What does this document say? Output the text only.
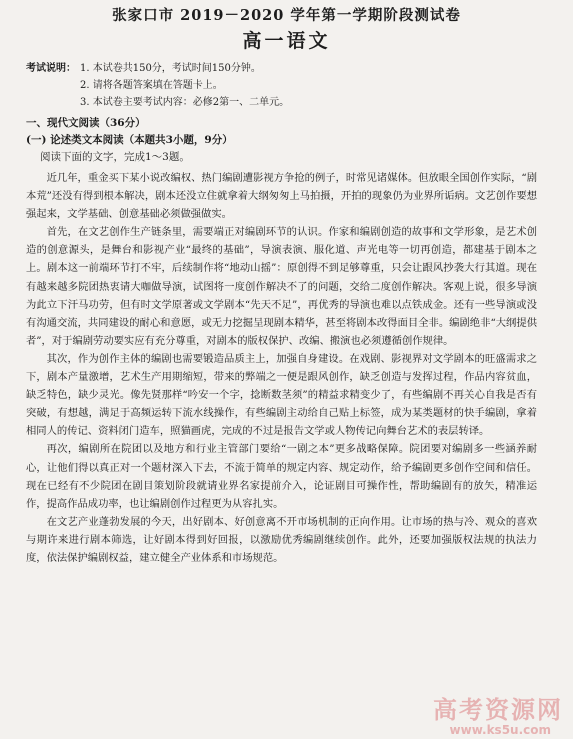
张家口市 2019－2020 学年第一学期阶段测试卷
高一语文
考试说明： 1. 本试卷共150分，考试时间150分钟。
2. 请将各题答案填在答题卡上。
3. 本试卷主要考试内容：必修2第一、二单元。
一、现代文阅读（36分）
(一) 论述类文本阅读（本题共3小题，9分）
阅读下面的文字，完成1～3题。

近几年，重金买下某小说改编权、热门编剧遭影视方争抢的例子，时常见诸媒体。但放眼全国创作实际，“剧本荒”还没有得到根本解决，剧本还没立住就拿着大纲匆匆上马拍摄，开拍的现象仍为业界所诟病。文艺创作要想强起来，文学基础、创意基础必须做强做实。

首先，在文艺创作生产链条里，需要端正对编剧环节的认识。作家和编剧创造的故事和文学形象，是艺术创造的创意源头，是舞台和影视产业“最终的基础”，导演表演、服化道、声光电等一切再创造，都建基于剧本之上。剧本这一前端环节打不牢，后续制作将“地动山摇”：原创得不到足够尊重，只会让跟风抄袭大行其道。现在有越来越多院团热衷请大咖做导演，试图将一度创作解决不了的问题，交给二度创作解决。客观上说，很多导演为此立下汗马功劳，但有时文学原著或文学剧本“先天不足”，再优秀的导演也难以点铁成金。还有一些导演或没有沟通交流，共同建设的耐心和意愿，或无力挖掘呈现剧本精华，甚至将剧本改得面目全非。编剧绝非“大纲提供者”，对于编剧劳动要实应有充分尊重，对剧本的版权保护、改编、搬演也必须遵循创作规律。

其次，作为创作主体的编剧也需要锻造品质主上，加强自身建设。在戏剧、影视界对文学剧本的旺盛需求之下，剧本产量激增，艺术生产用期缩短，带来的弊端之一便是跟风创作，缺乏创造与发挥过程，作品内容贫血，缺乏特色，缺少灵光。像先贤那样“吟安一个字，捻断数茎须”的精益求精变少了，有些编剧不再关心自我是否有突破，有想越，满足于高频运转下流水线操作，有些编剧主动给自己贴上标签，成为某类题材的快手编剧，拿着相同人的传记、资料闭门造车，照猫画虎，完成的不过是报告文学或人物传记向舞台艺术的表层转译。

再次，编剧所在院团以及地方和行业主管部门要给“一剧之本”更多战略保障。院团要对编剧多一些涵养耐心，让他们得以真正对一个题材深入下去，不流于简单的规定内容、规定动作，给予编剧更多创作空间和信任。现在已经有不少院团在剧目策划阶段就请业界名家提前介入，论证剧目可操作性，帮助编剧有的放矢，精准运作，提高作品成功率，也让编剧创作过程更为从容扎实。

在文艺产业蓬勃发展的今天，出好剧本、好创意离不开市场机制的正向作用。让市场的热与冷、观众的喜欢与期许来进行剧本筛选，让好剧本得到好回报，以激励优秀编剧继续创作。此外，还要加强版权法规的执法力度，依法保护编剧权益，建立健全产业体系和市场规范。

高考资源网
www.ks5u.com
